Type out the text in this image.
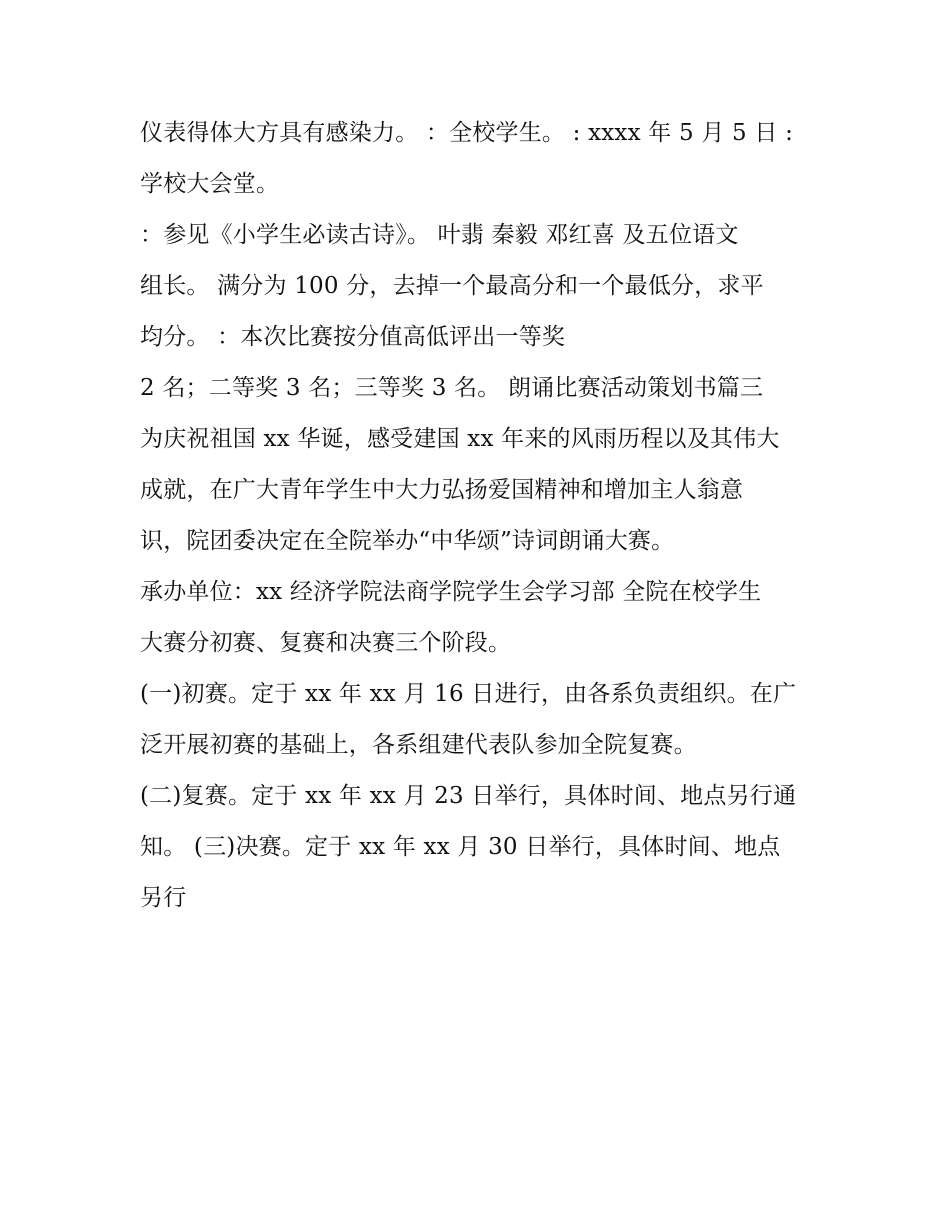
仪表得体大方具有感染力。 ：全校学生。 : xxxx 年 5 月 5 日 :

学校大会堂。

：参见《小学生必读古诗》。 叶翡 秦毅 邓红喜 及五位语文

组长。 满分为 100 分，去掉一个最高分和一个最低分，求平

均分。 ：本次比赛按分值高低评出一等奖

2 名；二等奖 3 名；三等奖 3 名。 朗诵比赛活动策划书篇三

为庆祝祖国 xx 华诞，感受建国 xx 年来的风雨历程以及其伟大

成就，在广大青年学生中大力弘扬爱国精神和增加主人翁意

识，院团委决定在全院举办“中华颂”诗词朗诵大赛。

承办单位：xx 经济学院法商学院学生会学习部 全院在校学生

大赛分初赛、复赛和决赛三个阶段。

(一)初赛。定于 xx 年 xx 月 16 日进行，由各系负责组织。在广

泛开展初赛的基础上，各系组建代表队参加全院复赛。

(二)复赛。定于 xx 年 xx 月 23 日举行，具体时间、地点另行通

知。 (三)决赛。定于 xx 年 xx 月 30 日举行，具体时间、地点

另行
